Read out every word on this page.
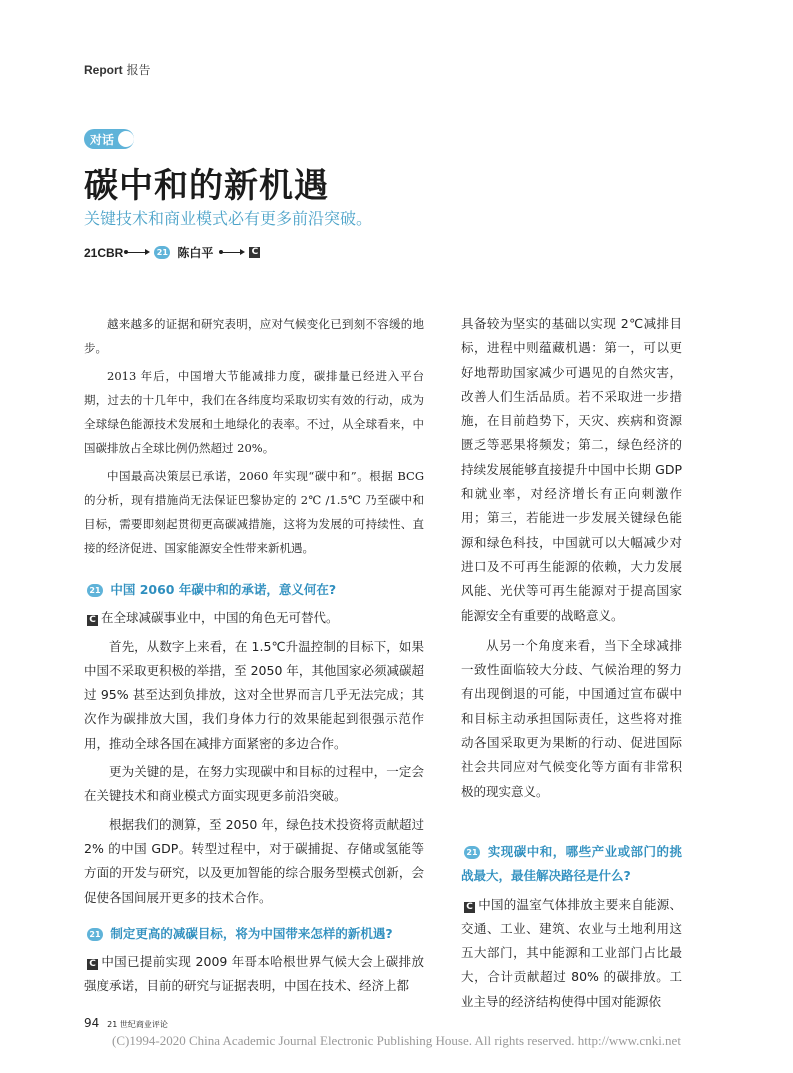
Report 报告
对话
碳中和的新机遇
关键技术和商业模式必有更多前沿突破。
21CBR	21 陈白平	C

越来越多的证据和研究表明，应对气候变化已到刻不容缓的地步。

2013 年后，中国增大节能减排力度，碳排量已经进入平台期，过去的十几年中，我们在各纬度均采取切实有效的行动，成为全球绿色能源技术发展和土地绿化的表率。不过，从全球看来，中国碳排放占全球比例仍然超过 20%。

中国最高决策层已承诺，2060 年实现“碳中和”。根据 BCG 的分析，现有措施尚无法保证巴黎协定的 2℃ /1.5℃ 乃至碳中和目标，需要即刻起贯彻更高碳减措施，这将为发展的可持续性、直接的经济促进、国家能源安全性带来新机遇。

21 中国 2060 年碳中和的承诺，意义何在?

C 在全球减碳事业中，中国的角色无可替代。

首先，从数字上来看，在 1.5℃升温控制的目标下，如果中国不采取更积极的举措，至 2050 年，其他国家必须减碳超过 95% 甚至达到负排放，这对全世界而言几乎无法完成；其次作为碳排放大国，我们身体力行的效果能起到很强示范作用，推动全球各国在减排方面紧密的多边合作。

更为关键的是，在努力实现碳中和目标的过程中，一定会在关键技术和商业模式方面实现更多前沿突破。

根据我们的测算，至 2050 年，绿色技术投资将贡献超过 2% 的中国 GDP。转型过程中，对于碳捕捉、存储或氢能等方面的开发与研究，以及更加智能的综合服务型模式创新，会促使各国间展开更多的技术合作。

21 制定更高的减碳目标，将为中国带来怎样的新机遇?

C 中国已提前实现 2009 年哥本哈根世界气候大会上碳排放强度承诺，目前的研究与证据表明，中国在技术、经济上都

具备较为坚实的基础以实现 2℃减排目标，进程中则蕴藏机遇：第一，可以更好地帮助国家减少可遇见的自然灾害，改善人们生活品质。若不采取进一步措施，在目前趋势下，天灾、疾病和资源匮乏等恶果将频发；第二，绿色经济的持续发展能够直接提升中国中长期 GDP 和就业率，对经济增长有正向刺激作用；第三，若能进一步发展关键绿色能源和绿色科技，中国就可以大幅减少对进口及不可再生能源的依赖，大力发展风能、光伏等可再生能源对于提高国家能源安全有重要的战略意义。

从另一个角度来看，当下全球减排一致性面临较大分歧、气候治理的努力有出现倒退的可能，中国通过宣布碳中和目标主动承担国际责任，这些将对推动各国采取更为果断的行动、促进国际社会共同应对气候变化等方面有非常积极的现实意义。

21 实现碳中和，哪些产业或部门的挑战最大，最佳解决路径是什么?

C 中国的温室气体排放主要来自能源、交通、工业、建筑、农业与土地利用这五大部门，其中能源和工业部门占比最大，合计贡献超过 80% 的碳排放。工业主导的经济结构使得中国对能源依

94 21 世纪商业评论
(C)1994-2020 China Academic Journal Electronic Publishing House. All rights reserved. http://www.cnki.net
